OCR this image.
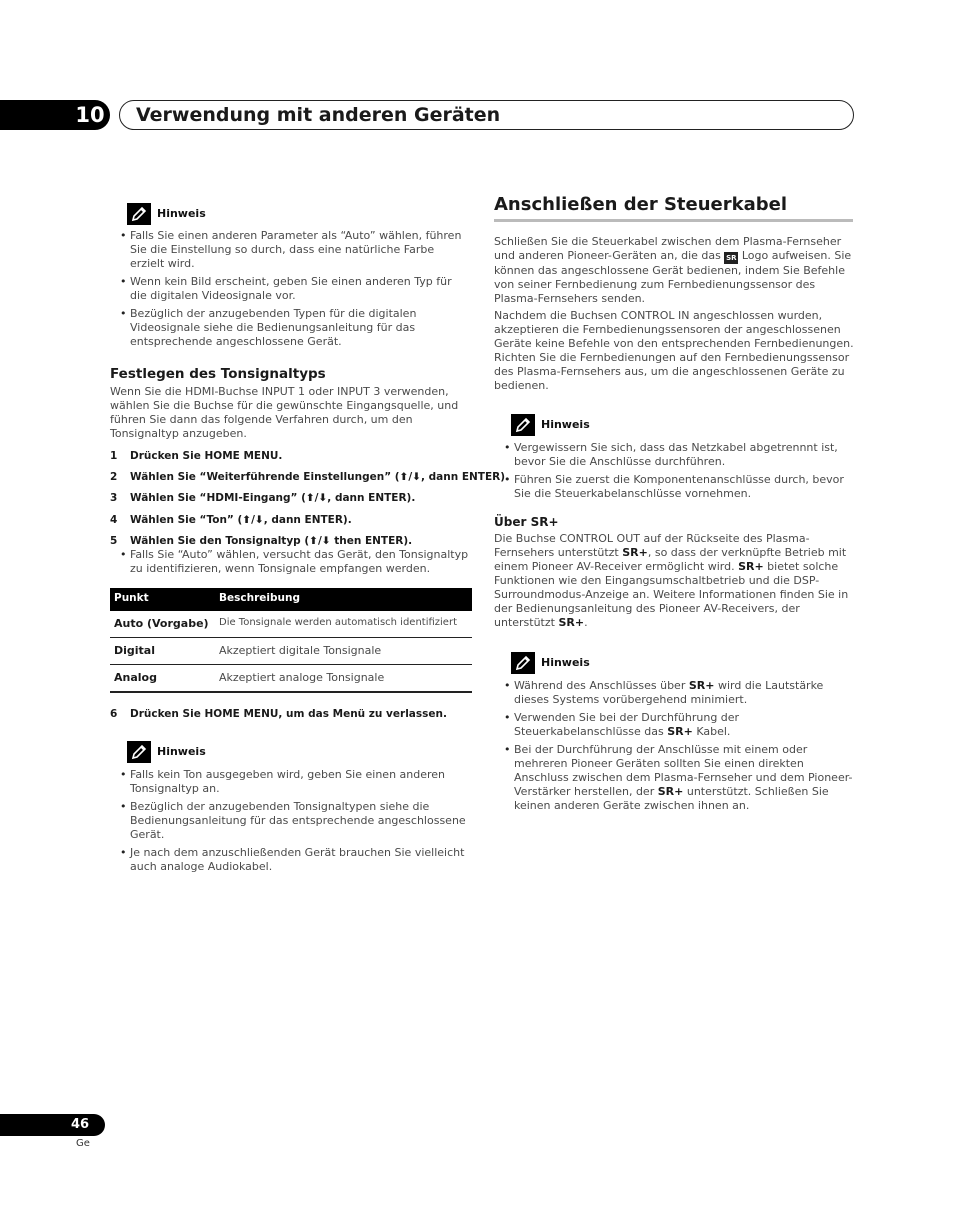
10 Verwendung mit anderen Geräten
Hinweis
• Falls Sie einen anderen Parameter als “Auto” wählen, führen Sie die Einstellung so durch, dass eine natürliche Farbe erzielt wird.
• Wenn kein Bild erscheint, geben Sie einen anderen Typ für die digitalen Videosignale vor.
• Bezüglich der anzugebenden Typen für die digitalen Videosignale siehe die Bedienungsanleitung für das entsprechende angeschlossene Gerät.
Festlegen des Tonsignaltyps

Wenn Sie die HDMI-Buchse INPUT 1 oder INPUT 3 verwenden, wählen Sie die Buchse für die gewünschte Eingangsquelle, und führen Sie dann das folgende Verfahren durch, um den Tonsignaltyp anzugeben.

1 Drücken Sie HOME MENU.
2 Wählen Sie “Weiterführende Einstellungen” (⬆/⬇, dann ENTER).
3 Wählen Sie “HDMI-Eingang” (⬆/⬇, dann ENTER).
4 Wählen Sie “Ton” (⬆/⬇, dann ENTER).
5 Wählen Sie den Tonsignaltyp (⬆/⬇ then ENTER).
• Falls Sie “Auto” wählen, versucht das Gerät, den Tonsignaltyp zu identifizieren, wenn Tonsignale empfangen werden.
Punkt	Beschreibung
Auto (Vorgabe) Die Tonsignale werden automatisch identifiziert
Digital	Akzeptiert digitale Tonsignale
Analog	Akzeptiert analoge Tonsignale
6 Drücken Sie HOME MENU, um das Menü zu verlassen.
Hinweis
• Falls kein Ton ausgegeben wird, geben Sie einen anderen Tonsignaltyp an.
• Bezüglich der anzugebenden Tonsignaltypen siehe die Bedienungsanleitung für das entsprechende angeschlossene Gerät.
• Je nach dem anzuschließenden Gerät brauchen Sie vielleicht auch analoge Audiokabel.
Anschließen der Steuerkabel

Schließen Sie die Steuerkabel zwischen dem Plasma-Fernseher und anderen Pioneer-Geräten an, die das SR Logo aufweisen. Sie können das angeschlossene Gerät bedienen, indem Sie Befehle von seiner Fernbedienung zum Fernbedienungssensor des Plasma-Fernsehers senden.

Nachdem die Buchsen CONTROL IN angeschlossen wurden, akzeptieren die Fernbedienungssensoren der angeschlossenen Geräte keine Befehle von den entsprechenden Fernbedienungen. Richten Sie die Fernbedienungen auf den Fernbedienungssensor des Plasma-Fernsehers aus, um die angeschlossenen Geräte zu bedienen.

Hinweis
• Vergewissern Sie sich, dass das Netzkabel abgetrennnt ist, bevor Sie die Anschlüsse durchführen.
• Führen Sie zuerst die Komponentenanschlüsse durch, bevor Sie die Steuerkabelanschlüsse vornehmen.
Über SR+

Die Buchse CONTROL OUT auf der Rückseite des Plasma-Fernsehers unterstützt SR+, so dass der verknüpfte Betrieb mit einem Pioneer AV-Receiver ermöglicht wird. SR+ bietet solche Funktionen wie den Eingangsumschaltbetrieb und die DSP-Surroundmodus-Anzeige an. Weitere Informationen finden Sie in der Bedienungsanleitung des Pioneer AV-Receivers, der unterstützt SR+.

Hinweis
• Während des Anschlüsses über SR+ wird die Lautstärke dieses Systems vorübergehend minimiert.
• Verwenden Sie bei der Durchführung der Steuerkabelanschlüsse das SR+ Kabel.
• Bei der Durchführung der Anschlüsse mit einem oder mehreren Pioneer Geräten sollten Sie einen direkten Anschluss zwischen dem Plasma-Fernseher und dem Pioneer-Verstärker herstellen, der SR+ unterstützt. Schließen Sie keinen anderen Geräte zwischen ihnen an.
46
Ge
